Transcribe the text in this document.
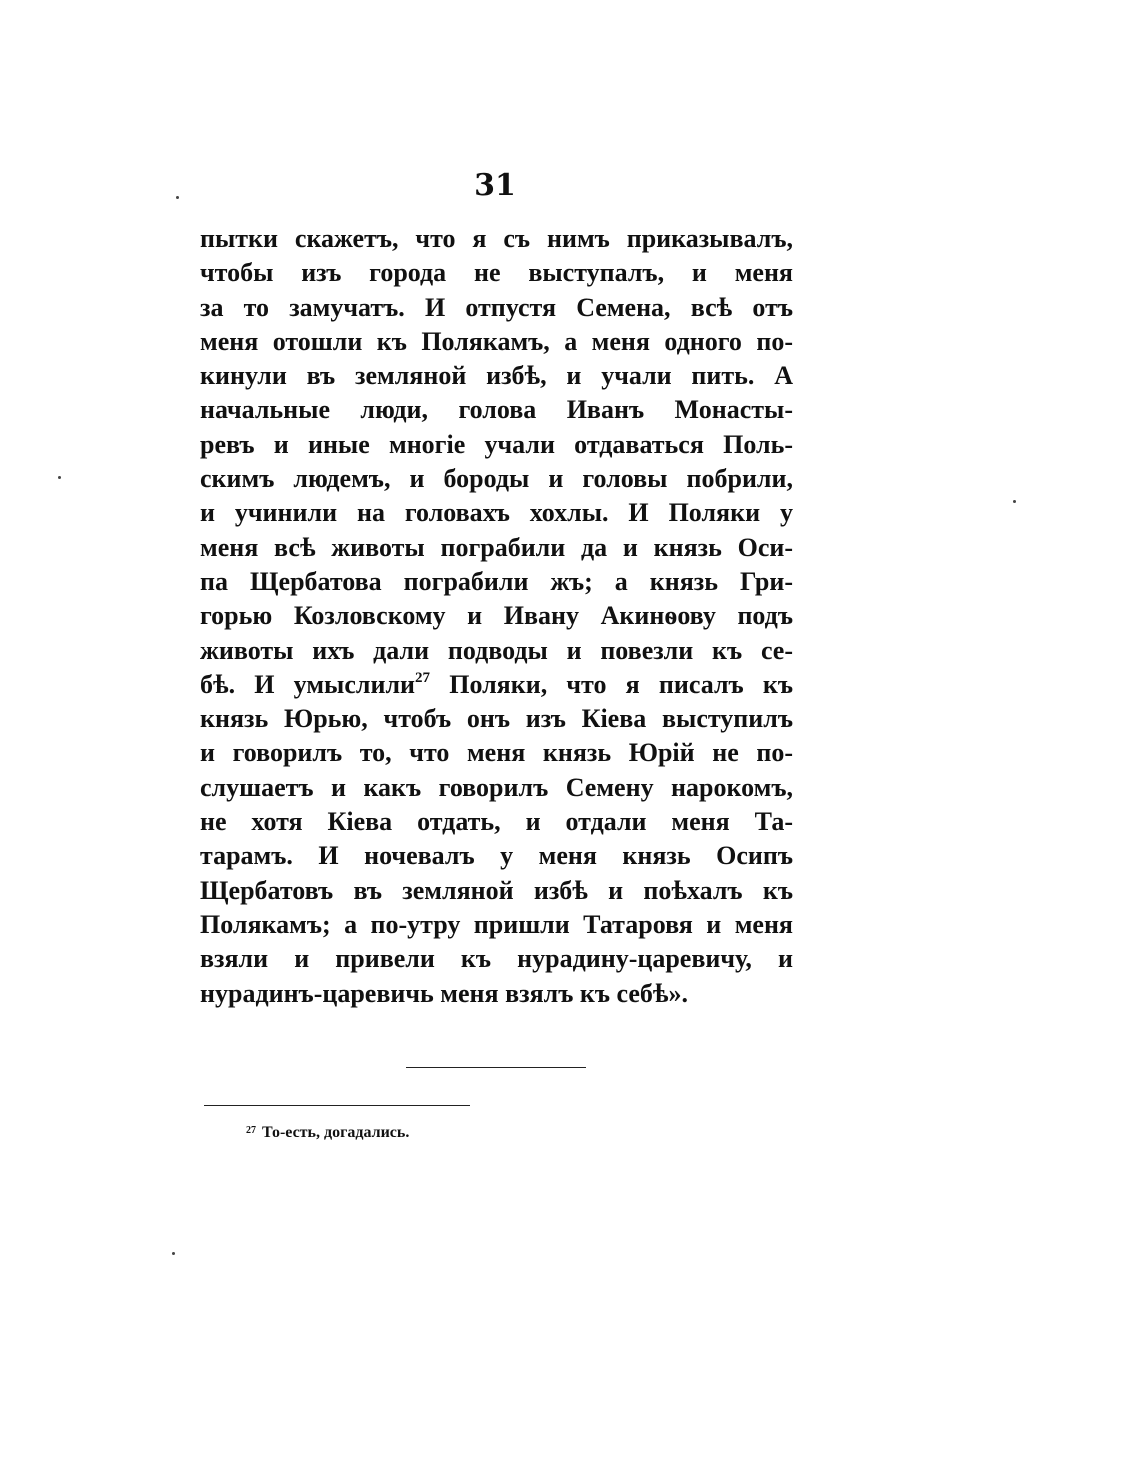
31
пытки скажетъ, что я съ нимъ приказывалъ,
чтобы изъ города не выступалъ, и меня
за то замучатъ. И отпустя Семена, всѣ отъ
меня отошли къ Полякамъ, а меня одного по-
кинули въ земляной избѣ, и учали пить. А
начальные люди, голова Иванъ Монасты-
ревъ и иные многіе учали отдаваться Поль-
скимъ людемъ, и бороды и головы побрили,
и учинили на головахъ хохлы. И Поляки у
меня всѣ животы пограбили да и князь Оси-
па Щербатова пограбили жъ; а князь Гри-
горью Козловскому и Ивану Акинѳову подъ
животы ихъ дали подводы и повезли къ се-
бѣ. И умыслили$^{27}$ Поляки, что я писалъ къ
князь Юрью, чтобъ онъ изъ Кіева выступилъ
и говорилъ то, что меня князь Юрій не по-
слушаетъ и какъ говорилъ Семену нарокомъ,
не хотя Кіева отдать, и отдали меня Та-
тарамъ. И ночевалъ у меня князь Осипъ
Щербатовъ въ земляной избѣ и поѣхалъ къ
Полякамъ; а по-утру пришли Татаровя и меня
взяли и привели къ нурадину-царевичу, и
нурадинъ-царевичь меня взялъ къ себѣ».
$^{27}$ То-есть, догадались.
